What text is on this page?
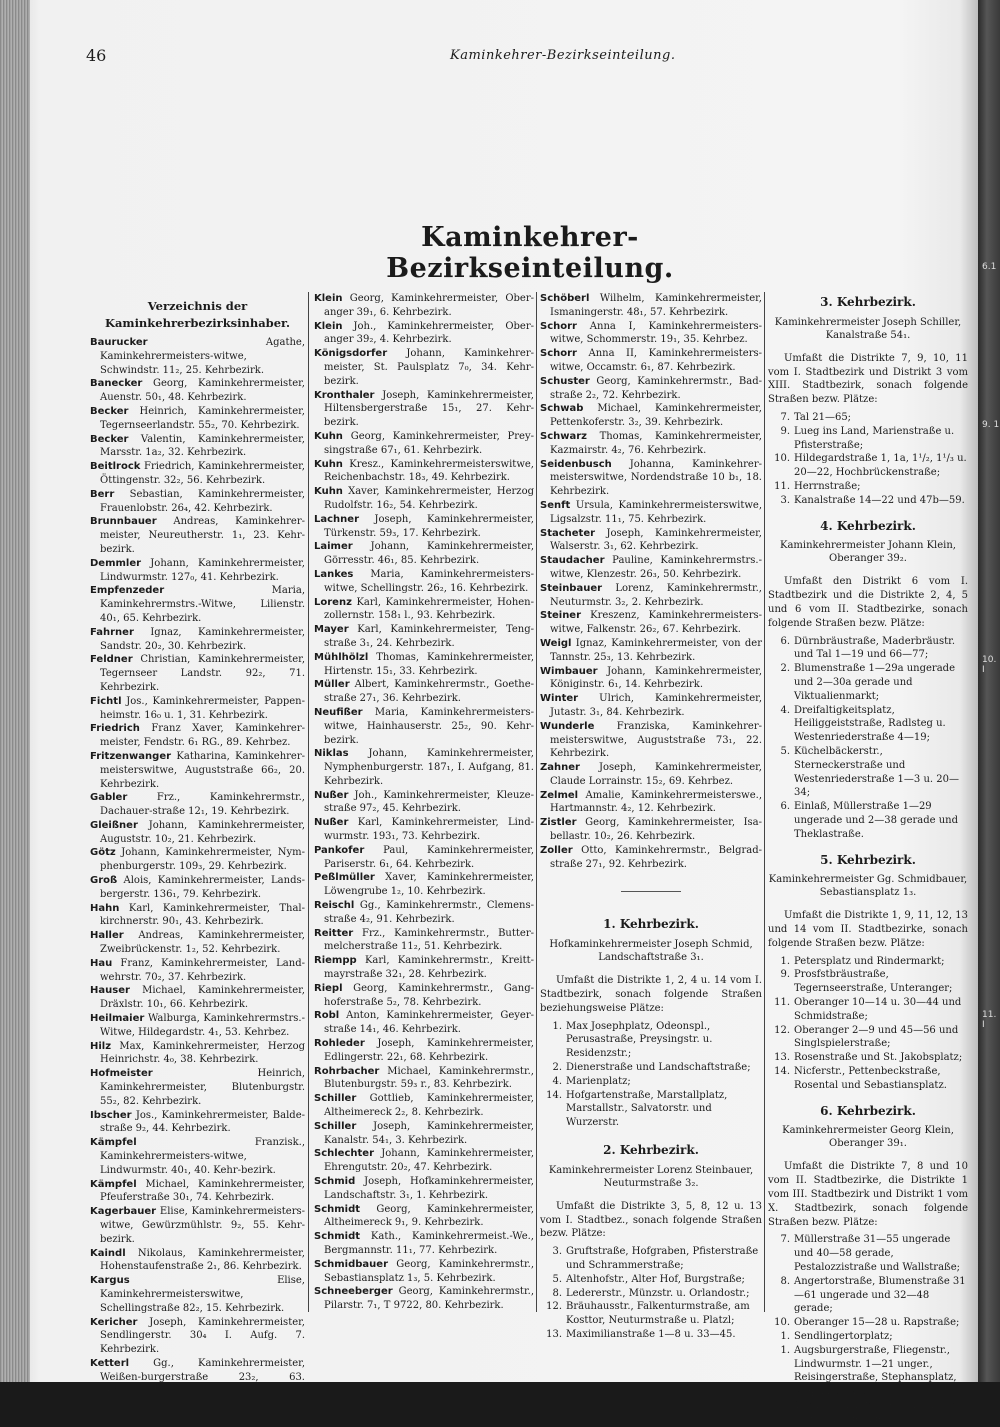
46	Kaminkehrer-Bezirkseinteilung.
Kaminkehrer-Bezirkseinteilung.
Verzeichnis der
Kaminkehrerbezirksinhaber.
Baurucker	Agathe, Kaminkehrermeisters-witwe, Schwindstr. 11₂, 25. Kehrbezirk.
Banecker Georg, Kaminkehrermeister, Auenstr. 50₁, 48. Kehrbezirk.
Becker Heinrich, Kaminkehrermeister, Tegernseerlandstr. 55₂, 70. Kehrbezirk.
Becker Valentin, Kaminkehrermeister, Marsstr. 1a₂, 32. Kehrbezirk.
Beitlrock Friedrich, Kaminkehrermeister, Öttingenstr. 32₂, 56. Kehrbezirk.
Berr Sebastian, Kaminkehrermeister, Frauenlobstr. 26₄, 42. Kehrbezirk.
Brunnbauer Andreas, Kaminkehrer-meister, Neureutherstr. 1₁, 23. Kehr-bezirk.
Demmler Johann, Kaminkehrermeister, Lindwurmstr. 127₀, 41. Kehrbezirk.
Empfenzeder	Maria, Kaminkehrermstrs.-Witwe, Lilienstr. 40₁, 65. Kehrbezirk.
Fahrner Ignaz, Kaminkehrermeister, Sandstr. 20₂, 30. Kehrbezirk.
Feldner Christian, Kaminkehrermeister, Tegernseer Landstr. 92₂, 71. Kehrbezirk.
Fichtl Jos., Kaminkehrermeister, Pappen-heimstr. 16₀ u. 1, 31. Kehrbezirk.
Friedrich Franz Xaver, Kaminkehrer-meister, Fendstr. 6₁ RG., 89. Kehrbez.
Fritzenwanger Katharina, Kaminkehrer-meisterswitwe, Auguststraße 66₂, 20. Kehrbezirk.
Gabler	Frz., Kaminkehrermstr., Dachauer-straße 12₁, 19. Kehrbezirk.
Gleißner Johann, Kaminkehrermeister, Auguststr. 10₂, 21. Kehrbezirk.
Götz Johann, Kaminkehrermeister, Nym-phenburgerstr. 109₃, 29. Kehrbezirk.
Groß Alois, Kaminkehrermeister, Lands-bergerstr. 136₁, 79. Kehrbezirk.
Hahn Karl, Kaminkehrermeister, Thal-kirchnerstr. 90₁, 43. Kehrbezirk.
Haller Andreas, Kaminkehrermeister, Zweibrückenstr. 1₂, 52. Kehrbezirk.
Hau Franz, Kaminkehrermeister, Land-wehrstr. 70₂, 37. Kehrbezirk.
Hauser Michael, Kaminkehrermeister, Dräxlstr. 10₁, 66. Kehrbezirk.
Heilmaier Walburga, Kaminkehrermstrs.-Witwe, Hildegardstr. 4₁, 53. Kehrbez.
Hilz Max, Kaminkehrermeister, Herzog Heinrichstr. 4₀, 38. Kehrbezirk.
Hofmeister	Heinrich, Kaminkehrermeister, Blutenburgstr. 55₂, 82. Kehrbezirk.
Ibscher Jos., Kaminkehrermeister, Balde-straße 9₂, 44. Kehrbezirk.
Kämpfel	Franzisk., Kaminkehrermeisters-witwe, Lindwurmstr. 40₁, 40. Kehr-bezirk.
Kämpfel Michael, Kaminkehrermeister, Pfeuferstraße 30₁, 74. Kehrbezirk.
Kagerbauer Elise, Kaminkehrermeisters-witwe, Gewürzmühlstr. 9₂, 55. Kehr-bezirk.
Kaindl Nikolaus, Kaminkehrermeister, Hohenstaufenstraße 2₁, 86. Kehrbezirk.
Kargus	Elise, Kaminkehrermeisterswitwe, Schellingstraße 82₂, 15. Kehrbezirk.
Kericher Joseph, Kaminkehrermeister, Sendlingerstr. 30₄ I. Aufg. 7. Kehrbezirk.
Ketterl Gg., Kaminkehrermeister, Weißen-burgerstraße 23₂, 63. Kehrbezirk.
Klein Georg, Kaminkehrermeister, Ober-anger 39₁, 6. Kehrbezirk.
Klein Joh., Kaminkehrermeister, Ober-anger 39₂, 4. Kehrbezirk.
Königsdorfer Johann, Kaminkehrer-meister, St. Paulsplatz 7₀, 34. Kehr-bezirk.
Kronthaler Joseph, Kaminkehrermeister, Hiltensbergerstraße 15₁, 27. Kehr-bezirk.
Kuhn Georg, Kaminkehrermeister, Prey-singstraße 67₁, 61. Kehrbezirk.
Kuhn Kresz., Kaminkehrermeisterswitwe, Reichenbachstr. 18₃, 49. Kehrbezirk.
Kuhn Xaver, Kaminkehrermeister, Herzog Rudolfstr. 16₂, 54. Kehrbezirk.
Lachner Joseph, Kaminkehrermeister, Türkenstr. 59₃, 17. Kehrbezirk.
Laimer Johann, Kaminkehrermeister, Görresstr. 46₁, 85. Kehrbezirk.
Lankes Maria, Kaminkehrermeisters-witwe, Schellingstr. 26₂, 16. Kehrbezirk.
Lorenz Karl, Kaminkehrermeister, Hohen-zollernstr. 158₁ l., 93. Kehrbezirk.
Mayer Karl, Kaminkehrermeister, Teng-straße 3₁, 24. Kehrbezirk.
Mühlhölzl Thomas, Kaminkehrermeister, Hirtenstr. 15₁, 33. Kehrbezirk.
Müller Albert, Kaminkehrermstr., Goethe-straße 27₁, 36. Kehrbezirk.
Neufißer Maria, Kaminkehrermeisters-witwe, Hainhauserstr. 25₂, 90. Kehr-bezirk.
Niklas Johann, Kaminkehrermeister, Nymphenburgerstr. 187₁, I. Aufgang, 81. Kehrbezirk.
Nußer Joh., Kaminkehrermeister, Kleuze-straße 97₂, 45. Kehrbezirk.
Nußer Karl, Kaminkehrermeister, Lind-wurmstr. 193₁, 73. Kehrbezirk.
Pankofer Paul, Kaminkehrermeister, Pariserstr. 6₁, 64. Kehrbezirk.
Peßlmüller Xaver, Kaminkehrermeister, Löwengrube 1₂, 10. Kehrbezirk.
Reischl Gg., Kaminkehrermstr., Clemens-straße 4₂, 91. Kehrbezirk.
Reitter Frz., Kaminkehrermstr., Butter-melcherstraße 11₂, 51. Kehrbezirk.
Riempp Karl, Kaminkehrermstr., Kreitt-mayrstraße 32₁, 28. Kehrbezirk.
Riepl Georg, Kaminkehrermstr., Gang-hoferstraße 5₂, 78. Kehrbezirk.
Robl Anton, Kaminkehrermeister, Geyer-straße 14₁, 46. Kehrbezirk.
Rohleder Joseph, Kaminkehrermeister, Edlingerstr. 22₁, 68. Kehrbezirk.
Rohrbacher Michael, Kaminkehrermstr., Blutenburgstr. 59₃ r., 83. Kehrbezirk.
Schiller Gottlieb, Kaminkehrermeister, Altheimereck 2₂, 8. Kehrbezirk.
Schiller Joseph, Kaminkehrermeister, Kanalstr. 54₁, 3. Kehrbezirk.
Schlechter Johann, Kaminkehrermeister, Ehrengutstr. 20₂, 47. Kehrbezirk.
Schmid Joseph, Hofkaminkehrermeister, Landschaftstr. 3₁, 1. Kehrbezirk.
Schmidt Georg, Kaminkehrermeister, Altheimereck 9₁, 9. Kehrbezirk.
Schmidt Kath., Kaminkehrermeist.-We., Bergmannstr. 11₁, 77. Kehrbezirk.
Schmidbauer Georg, Kaminkehrermstr., Sebastiansplatz 1₃, 5. Kehrbezirk.
Schneeberger Georg, Kaminkehrermstr., Pilarstr. 7₁, T 9722, 80. Kehrbezirk.
Schöberl Wilhelm, Kaminkehrermeister, Ismaningerstr. 48₁, 57. Kehrbezirk.
Schorr Anna I, Kaminkehrermeisters-witwe, Schommerstr. 19₁, 35. Kehrbez.
Schorr Anna II, Kaminkehrermeisters-witwe, Occamstr. 6₁, 87. Kehrbezirk.
Schuster Georg, Kaminkehrermstr., Bad-straße 2₂, 72. Kehrbezirk.
Schwab Michael, Kaminkehrermeister, Pettenkoferstr. 3₂, 39. Kehrbezirk.
Schwarz Thomas, Kaminkehrermeister, Kazmairstr. 4₂, 76. Kehrbezirk.
Seidenbusch Johanna, Kaminkehrer-meisterswitwe, Nordendstraße 10 b₁, 18. Kehrbezirk.
Senft Ursula, Kaminkehrermeisterswitwe, Ligsalzstr. 11₁, 75. Kehrbezirk.
Stacheter Joseph, Kaminkehrermeister, Walserstr. 3₁, 62. Kehrbezirk.
Staudacher Pauline, Kaminkehrermstrs.-witwe, Klenzestr. 26₃, 50. Kehrbezirk.
Steinbauer Lorenz, Kaminkehrermstr., Neuturmstr. 3₂, 2. Kehrbezirk.
Steiner Kreszenz, Kaminkehrermeisters-witwe, Falkenstr. 26₂, 67. Kehrbezirk.
Weigl Ignaz, Kaminkehrermeister, von der Tannstr. 25₃, 13. Kehrbezirk.
Wimbauer Johann, Kaminkehrermeister, Königinstr. 6₁, 14. Kehrbezirk.
Winter Ulrich, Kaminkehrermeister, Jutastr. 3₁, 84. Kehrbezirk.
Wunderle Franziska, Kaminkehrer-meisterswitwe, Auguststraße 73₁, 22. Kehrbezirk.
Zahner Joseph, Kaminkehrermeister, Claude Lorrainstr. 15₂, 69. Kehrbez.
Zelmel Amalie, Kaminkehrermeisterswe., Hartmannstr. 4₂, 12. Kehrbezirk.
Zistler Georg, Kaminkehrermeister, Isa-bellastr. 10₂, 26. Kehrbezirk.
Zoller Otto, Kaminkehrermstr., Belgrad-straße 27₁, 92. Kehrbezirk.
1. Kehrbezirk.
Hofkaminkehrermeister Joseph Schmid, Landschaftstraße 3₁.
Umfaßt die Distrikte 1, 2, 4 u. 14 vom I. Stadtbezirk, sonach folgende Straßen beziehungsweise Plätze:
1. Max Josephplatz, Odeonspl., Perusastraße, Preysingstr. u. Residenzstr.;
2. Dienerstraße und Landschaftstraße;
4. Marienplatz;
14. Hofgartenstraße, Marstallplatz, Marstallstr., Salvatorstr. und Wurzerstr.
2. Kehrbezirk.
Kaminkehrermeister Lorenz Steinbauer, Neuturmstraße 3₂.
Umfaßt die Distrikte 3, 5, 8, 12 u. 13 vom I. Stadtbez., sonach folgende Straßen bezw. Plätze:
3. Gruftstraße, Hofgraben, Pfisterstraße und Schrammerstraße;
5. Altenhofstr., Alter Hof, Burgstraße;
8. Ledererstr., Münzstr. u. Orlandostr.;
12. Bräuhausstr., Falkenturmstraße, am Kosttor, Neuturmstraße u. Platzl;
13. Maximilianstraße 1—8 u. 33—45.
3. Kehrbezirk.
Kaminkehrermeister Joseph Schiller, Kanalstraße 54₁.
Umfaßt die Distrikte 7, 9, 10, 11 vom I. Stadtbezirk und Distrikt 3 vom XIII. Stadtbezirk, sonach folgende Straßen bezw. Plätze:
7. Tal 21—65;
9. Lueg ins Land, Marienstraße u. Pfisterstraße;
10. Hildegardstraße 1, 1a, 1¹/₂, 1¹/₃ u. 20—22, Hochbrückenstraße;
11. Herrnstraße;
3. Kanalstraße 14—22 und 47b—59.
4. Kehrbezirk.
Kaminkehrermeister Johann Klein, Oberanger 39₂.
Umfaßt den Distrikt 6 vom I. Stadtbezirk und die Distrikte 2, 4, 5 und 6 vom II. Stadtbezirke, sonach folgende Straßen bezw. Plätze:
6. Dürnbräustraße, Maderbräustr. und Tal 1—19 und 66—77;
2. Blumenstraße 1—29a ungerade und 2—30a gerade und Viktualienmarkt;
4. Dreifaltigkeitsplatz, Heiliggeiststraße, Radlsteg u. Westenriederstraße 4—19;
5. Küchelbäckerstr., Sterneckerstraße und Westenriederstraße 1—3 u. 20—34;
6. Einlaß, Müllerstraße 1—29 ungerade und 2—38 gerade und Theklastraße.
5. Kehrbezirk.
Kaminkehrermeister Gg. Schmidbauer, Sebastiansplatz 1₃.
Umfaßt die Distrikte 1, 9, 11, 12, 13 und 14 vom II. Stadtbezirke, sonach folgende Straßen bezw. Plätze:
1. Petersplatz und Rindermarkt;
9. Prosfstbräustraße, Tegernseerstraße, Unteranger;
11. Oberanger 10—14 u. 30—44 und Schmidstraße;
12. Oberanger 2—9 und 45—56 und Singlspielerstraße;
13. Rosenstraße und St. Jakobsplatz;
14. Nicferstr., Pettenbeckstraße, Rosental und Sebastiansplatz.
6. Kehrbezirk.
Kaminkehrermeister Georg Klein, Oberanger 39₁.
Umfaßt die Distrikte 7, 8 und 10 vom II. Stadtbezirke, die Distrikte 1 vom III. Stadtbezirk und Distrikt 1 vom X. Stadtbezirk, sonach folgende Straßen bezw. Plätze:
7. Müllerstraße 31—55 ungerade und 40—58 gerade, Pestalozzistraße und Wallstraße;
8. Angertorstraße, Blumenstraße 31—61 ungerade und 32—48 gerade;
10. Oberanger 15—28 u. Rapstraße;
1. Sendlingertorplatz;
1. Augsburgerstraße, Fliegenstr., Lindwurmstr. 1—21 unger., Reisingerstraße, Stephansplatz, Stephanstraße, Thalkirchnerstraße 1—11 unger. und 2—22 gerade.
6.1
9. 1
10. I
11. I
